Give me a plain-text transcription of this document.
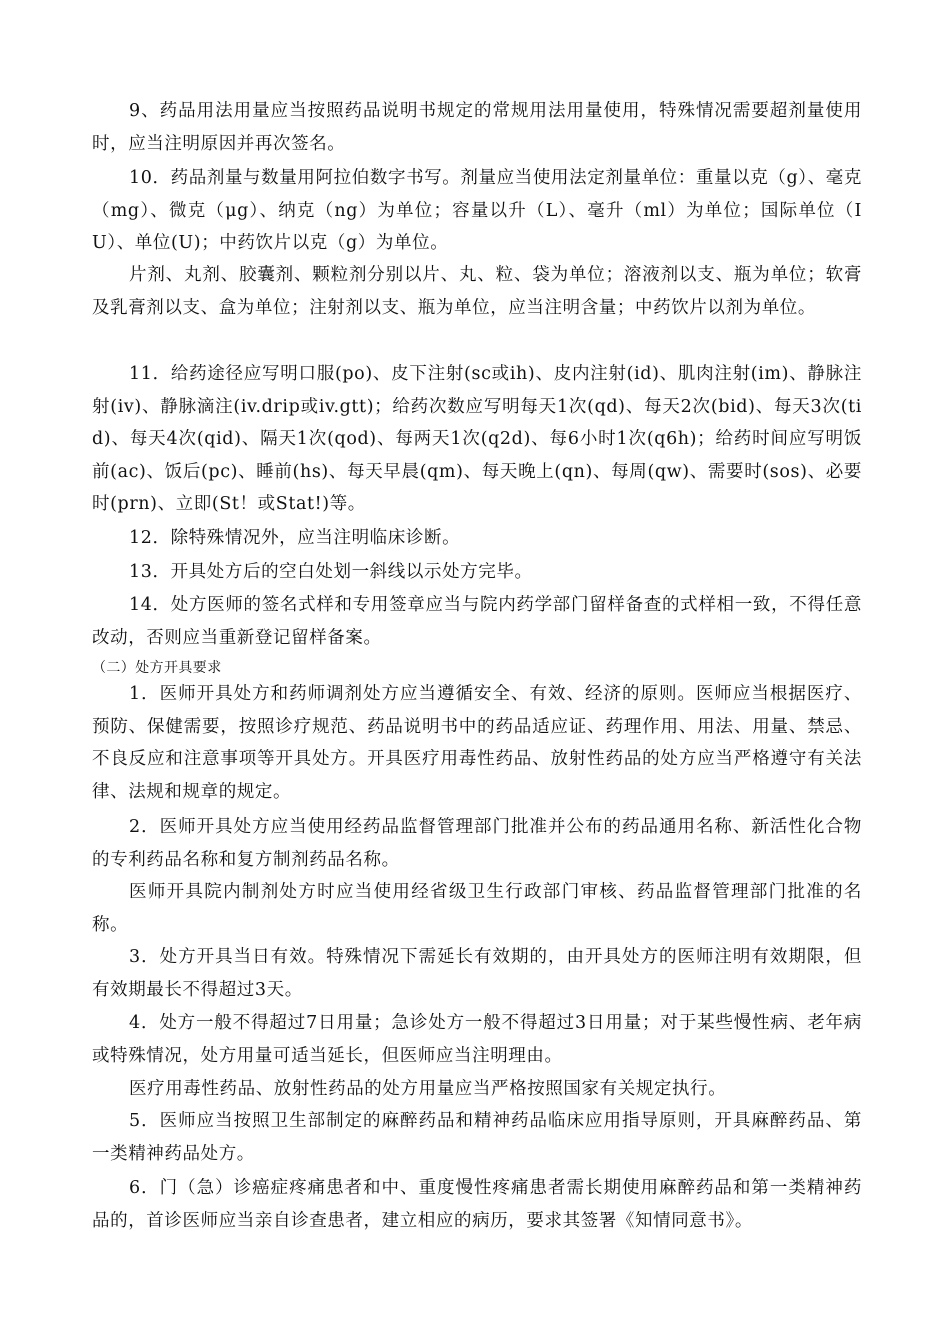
9、药品用法用量应当按照药品说明书规定的常规用法用量使用，特殊情况需要超剂量使用时，应当注明原因并再次签名。

10．药品剂量与数量用阿拉伯数字书写。剂量应当使用法定剂量单位：重量以克（g）、毫克（mg）、微克（μg）、纳克（ng）为单位；容量以升（L）、毫升（ml）为单位；国际单位（IU）、单位(U)；中药饮片以克（g）为单位。

片剂、丸剂、胶囊剂、颗粒剂分别以片、丸、粒、袋为单位；溶液剂以支、瓶为单位；软膏及乳膏剂以支、盒为单位；注射剂以支、瓶为单位，应当注明含量；中药饮片以剂为单位。

11．给药途径应写明口服(po)、皮下注射(sc或ih)、皮内注射(id)、肌肉注射(im)、静脉注射(iv)、静脉滴注(iv.drip或iv.gtt)；给药次数应写明每天1次(qd)、每天2次(bid)、每天3次(tid)、每天4次(qid)、隔天1次(qod)、每两天1次(q2d)、每6小时1次(q6h)；给药时间应写明饭前(ac)、饭后(pc)、睡前(hs)、每天早晨(qm)、每天晚上(qn)、每周(qw)、需要时(sos)、必要时(prn)、立即(St！或Stat!)等。

12．除特殊情况外，应当注明临床诊断。

13．开具处方后的空白处划一斜线以示处方完毕。

14．处方医师的签名式样和专用签章应当与院内药学部门留样备查的式样相一致，不得任意改动，否则应当重新登记留样备案。

（二）处方开具要求

1．医师开具处方和药师调剂处方应当遵循安全、有效、经济的原则。医师应当根据医疗、预防、保健需要，按照诊疗规范、药品说明书中的药品适应证、药理作用、用法、用量、禁忌、不良反应和注意事项等开具处方。开具医疗用毒性药品、放射性药品的处方应当严格遵守有关法律、法规和规章的规定。

2．医师开具处方应当使用经药品监督管理部门批准并公布的药品通用名称、新活性化合物的专利药品名称和复方制剂药品名称。

医师开具院内制剂处方时应当使用经省级卫生行政部门审核、药品监督管理部门批准的名称。

3．处方开具当日有效。特殊情况下需延长有效期的，由开具处方的医师注明有效期限，但有效期最长不得超过3天。

4．处方一般不得超过7日用量；急诊处方一般不得超过3日用量；对于某些慢性病、老年病或特殊情况，处方用量可适当延长，但医师应当注明理由。

医疗用毒性药品、放射性药品的处方用量应当严格按照国家有关规定执行。

5．医师应当按照卫生部制定的麻醉药品和精神药品临床应用指导原则，开具麻醉药品、第一类精神药品处方。

6．门（急）诊癌症疼痛患者和中、重度慢性疼痛患者需长期使用麻醉药品和第一类精神药品的，首诊医师应当亲自诊查患者，建立相应的病历，要求其签署《知情同意书》。
